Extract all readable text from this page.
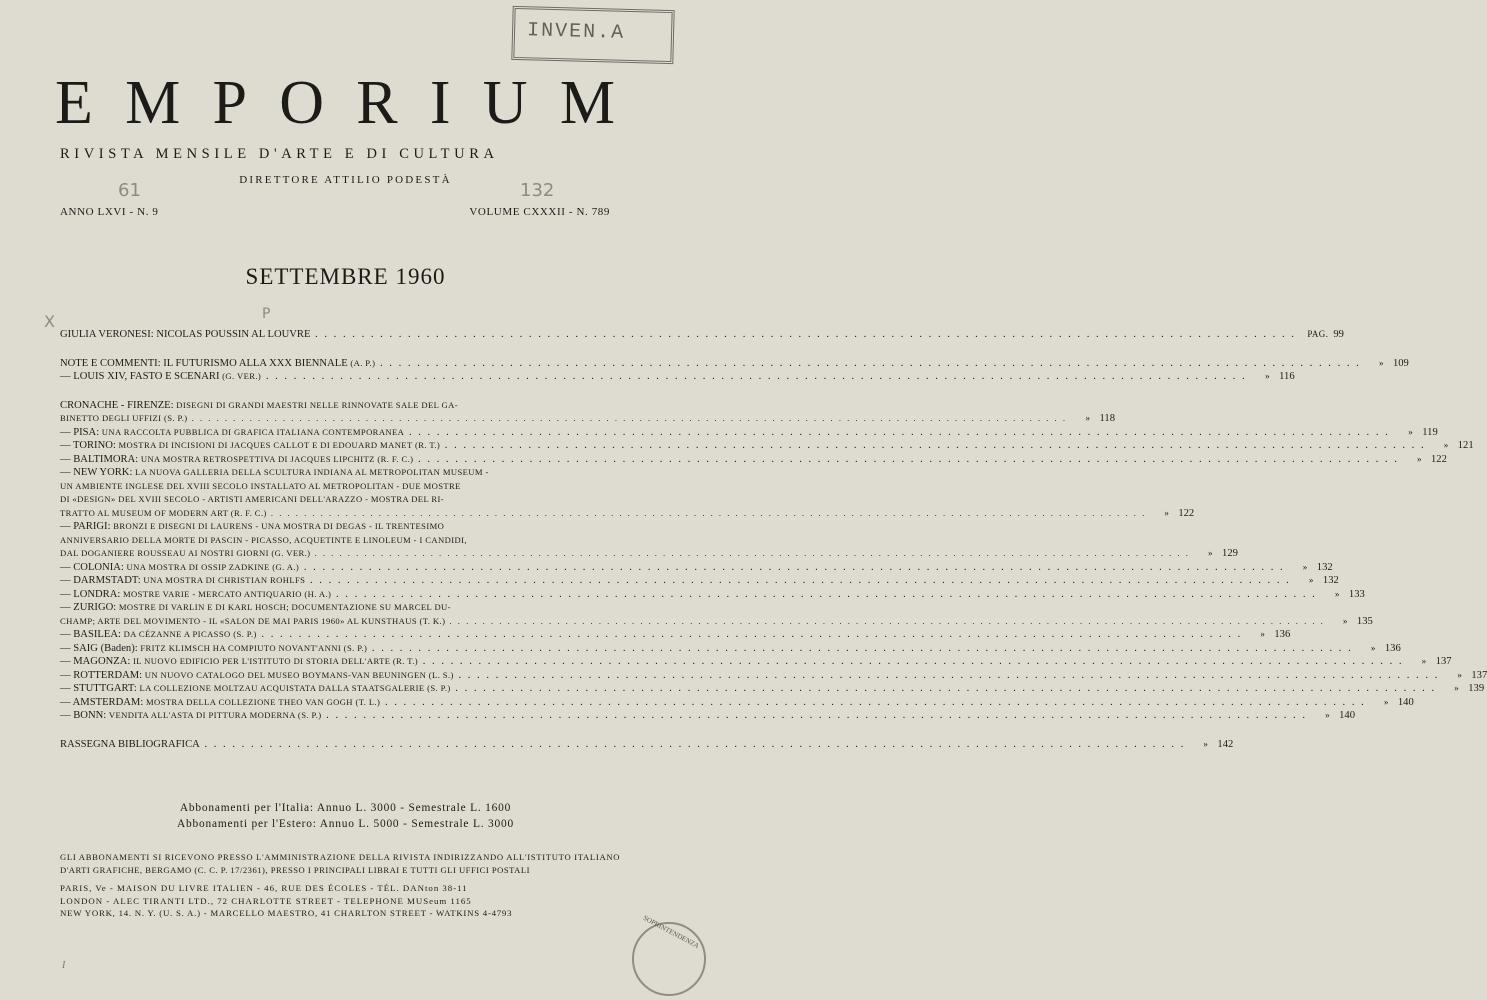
INVEN.A
E M P O R I U M
RIVISTA MENSILE D'ARTE E DI CULTURA
DIRETTORE ATTILIO PODESTÀ
61	132
X	P
ANNO LXVI - N. 9	VOLUME CXXXII - N. 789
SETTEMBRE 1960
GIULIA VERONESI: NICOLAS POUSSIN AL LOUVRE . . .	PAG. 99
NOTE E COMMENTI: IL FUTURISMO ALLA XXX BIENNALE (A. P.) . . .	» 109
— LOUIS XIV, FASTO E SCENARI (G. VER.) . . .	» 116
CRONACHE - FIRENZE: DISEGNI DI GRANDI MAESTRI NELLE RINNOVATE SALE DEL GA-
BINETTO DEGLI UFFIZI (S. P.) . . .	» 118
— PISA: UNA RACCOLTA PUBBLICA DI GRAFICA ITALIANA CONTEMPORANEA . . .	» 119
— TORINO: MOSTRA DI INCISIONI DI JACQUES CALLOT E DI EDOUARD MANET (R. T.) . . .	» 121
— BALTIMORA: UNA MOSTRA RETROSPETTIVA DI JACQUES LIPCHITZ (R. F. C.) . . .	» 122
— NEW YORK: LA NUOVA GALLERIA DELLA SCULTURA INDIANA AL METROPOLITAN MUSEUM -
UN AMBIENTE INGLESE DEL XVIII SECOLO INSTALLATO AL METROPOLITAN - DUE MOSTRE
DI «DESIGN» DEL XVIII SECOLO - ARTISTI AMERICANI DELL'ARAZZO - MOSTRA DEL RI-
TRATTO AL MUSEUM OF MODERN ART (R. F. C.) . . .	» 122
— PARIGI: BRONZI E DISEGNI DI LAURENS - UNA MOSTRA DI DEGAS - IL TRENTESIMO
ANNIVERSARIO DELLA MORTE DI PASCIN - PICASSO, ACQUETINTE E LINOLEUM - I CANDIDI,
DAL DOGANIERE ROUSSEAU AI NOSTRI GIORNI (G. VER.) . . .	» 129
— COLONIA: UNA MOSTRA DI OSSIP ZADKINE (G. A.) . . .	» 132
— DARMSTADT: UNA MOSTRA DI CHRISTIAN ROHLFS . . .	» 132
— LONDRA: MOSTRE VARIE - MERCATO ANTIQUARIO (H. A.) . . .	» 133
— ZURIGO: MOSTRE DI VARLIN E DI KARL HOSCH; DOCUMENTAZIONE SU MARCEL DU-
CHAMP; ARTE DEL MOVIMENTO - IL «SALON DE MAI PARIS 1960» AL KUNSTHAUS (T. K.) . . .	» 135
— BASILEA: DA CÉZANNE A PICASSO (S. P.) . . .	» 136
— SAIG (Baden): FRITZ KLIMSCH HA COMPIUTO NOVANT'ANNI (S. P.) . . .	» 136
— MAGONZA: IL NUOVO EDIFICIO PER L'ISTITUTO DI STORIA DELL'ARTE (R. T.) . . .	» 137
— ROTTERDAM: UN NUOVO CATALOGO DEL MUSEO BOYMANS-VAN BEUNINGEN (L. S.) . . .	» 137
— STUTTGART: LA COLLEZIONE MOLTZAU ACQUISTATA DALLA STAATSGALERIE (S. P.) . . .	» 139
— AMSTERDAM: MOSTRA DELLA COLLEZIONE THEO VAN GOGH (T. L.) . . .	» 140
— BONN: VENDITA ALL'ASTA DI PITTURA MODERNA (S. P.) . . .	» 140
RASSEGNA BIBLIOGRAFICA . . .	» 142
Abbonamenti per l'Italia: Annuo L. 3000 - Semestrale L. 1600
Abbonamenti per l'Estero: Annuo L. 5000 - Semestrale L. 3000

GLI ABBONAMENTI SI RICEVONO PRESSO L'AMMINISTRAZIONE DELLA RIVISTA INDIRIZZANDO ALL'ISTITUTO ITALIANO

D'ARTI GRAFICHE, BERGAMO (C. C. P. 17/2361), PRESSO I PRINCIPALI LIBRAI E TUTTI GLI UFFICI POSTALI

PARIS, Ve - MAISON DU LIVRE ITALIEN - 46, RUE DES ÉCOLES - TÉL. DANton 38-11

LONDON - ALEC TIRANTI LTD., 72 CHARLOTTE STREET - TELEPHONE MUSeum 1165

NEW YORK, 14. N. Y. (U. S. A.) - MARCELLO MAESTRO, 41 CHARLTON STREET - WATKINS 4-4793

I
SOPRINTENDENZA
